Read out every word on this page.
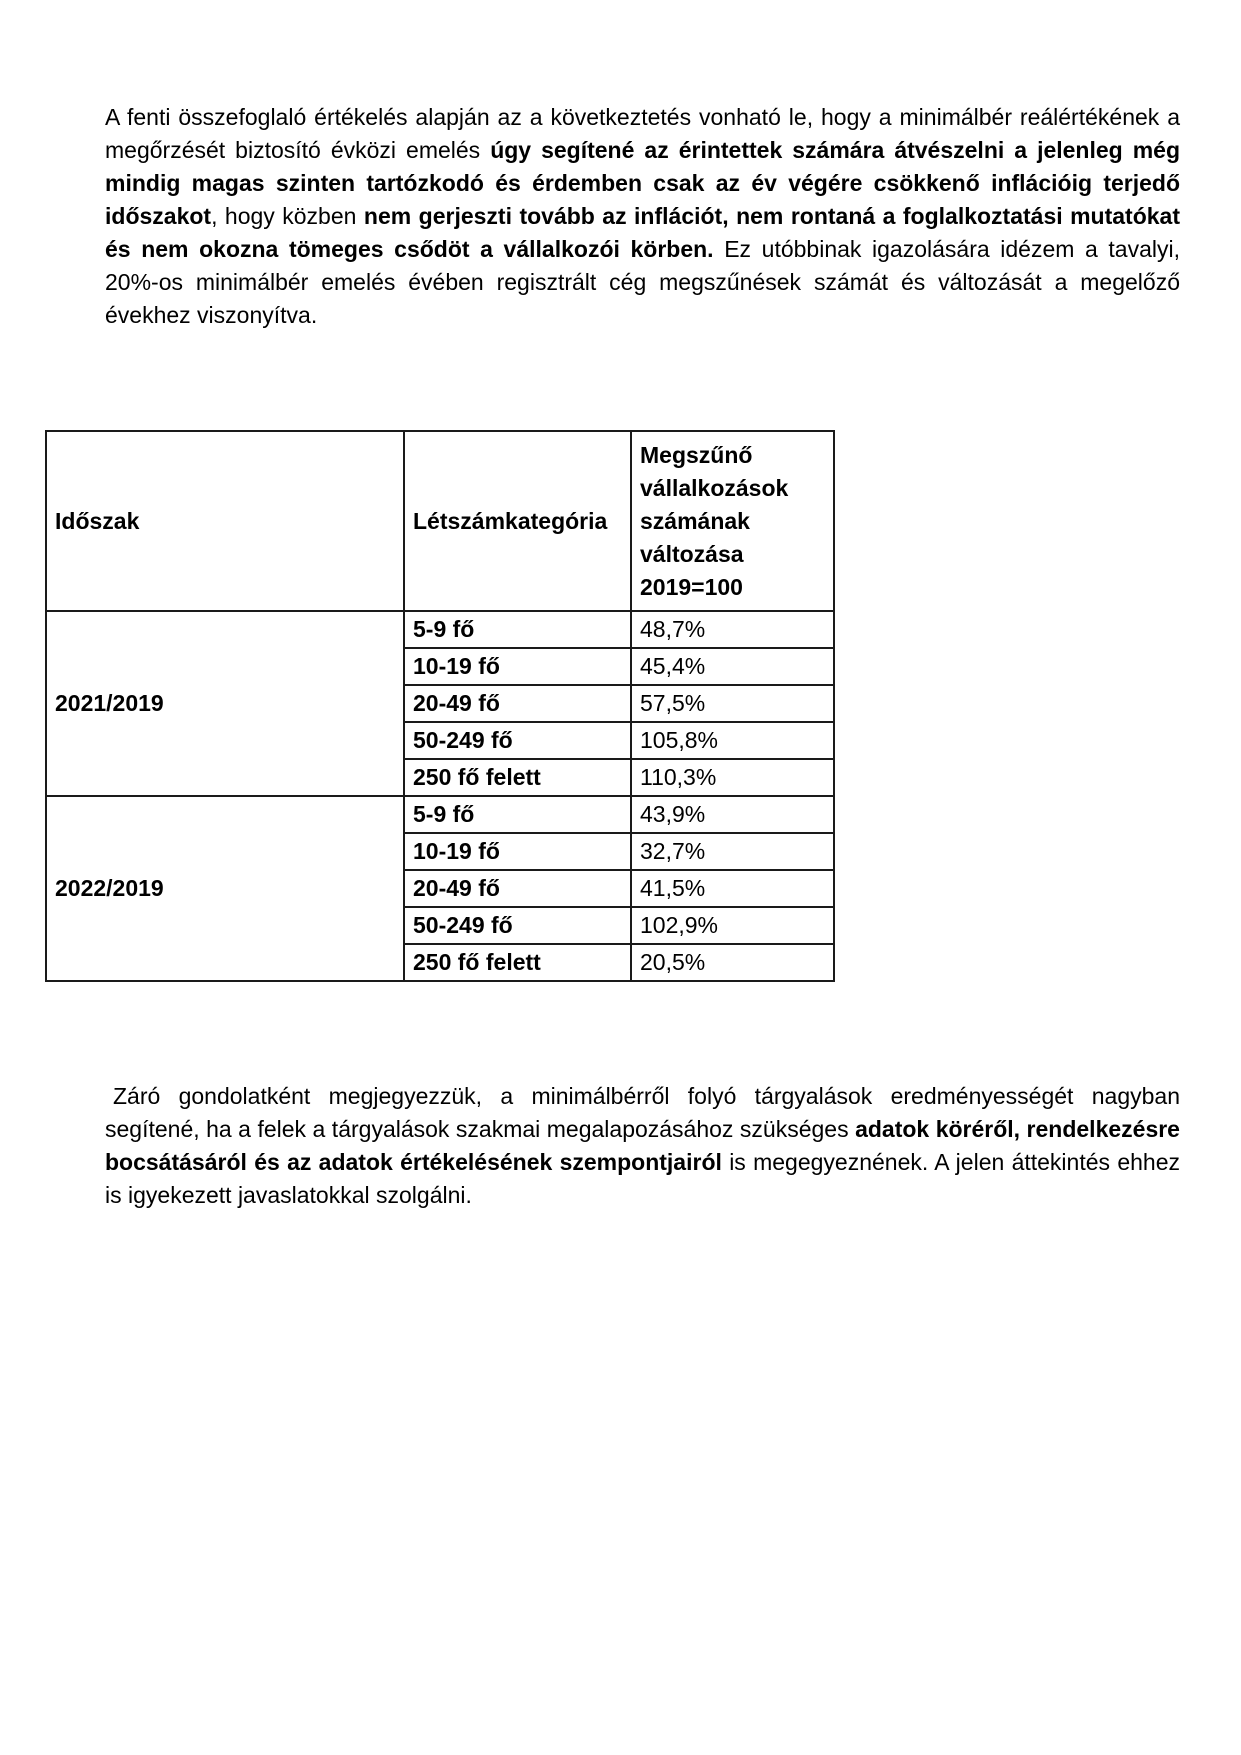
A fenti összefoglaló értékelés alapján az a következtetés vonható le, hogy a minimálbér reálértékének a megőrzését biztosító évközi emelés úgy segítené az érintettek számára átvészelni a jelenleg még mindig magas szinten tartózkodó és érdemben csak az év végére csökkenő inflációig terjedő időszakot, hogy közben nem gerjeszti tovább az inflációt, nem rontaná a foglalkoztatási mutatókat és nem okozna tömeges csődöt a vállalkozói körben. Ez utóbbinak igazolására idézem a tavalyi, 20%-os minimálbér emelés évében regisztrált cég megszűnések számát és változását a megelőző évekhez viszonyítva.
Időszak	Létszámkategória	Megszűnő vállalkozások számának változása 2019=100
2021/2019	5-9 fő	48,7%
	10-19 fő	45,4%
	20-49 fő	57,5%
	50-249 fő	105,8%
	250 fő felett	110,3%
2022/2019	5-9 fő	43,9%
	10-19 fő	32,7%
	20-49 fő	41,5%
	50-249 fő	102,9%
	250 fő felett	20,5%
Záró gondolatként megjegyezzük, a minimálbérről folyó tárgyalások eredményességét nagyban segítené, ha a felek a tárgyalások szakmai megalapozásához szükséges adatok köréről, rendelkezésre bocsátásáról és az adatok értékelésének szempontjairól is megegyeznének. A jelen áttekintés ehhez is igyekezett javaslatokkal szolgálni.
